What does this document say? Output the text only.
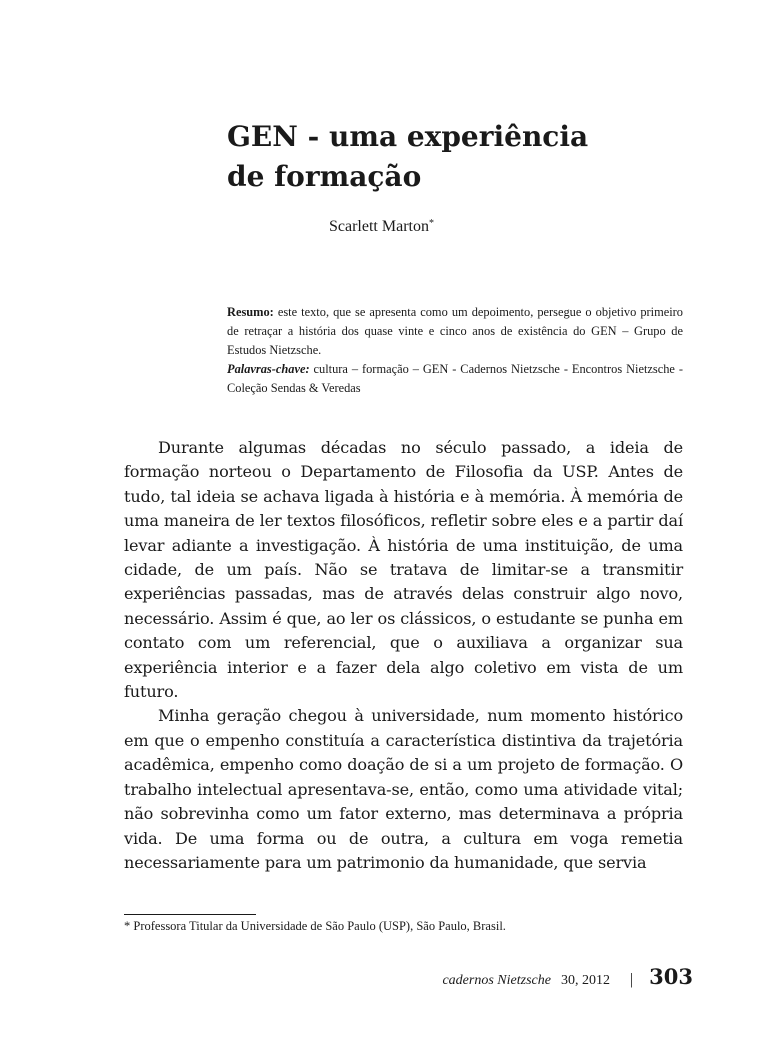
GEN - uma experiência
de formação
Scarlett Marton*

Resumo: este texto, que se apresenta como um depoimento, persegue o objetivo primeiro de retraçar a história dos quase vinte e cinco anos de existência do GEN – Grupo de Estudos Nietzsche.

Palavras-chave: cultura – formação – GEN - Cadernos Nietzsche - Encontros Nietzsche - Coleção Sendas & Veredas

Durante algumas décadas no século passado, a ideia de formação norteou o Departamento de Filosofia da USP. Antes de tudo, tal ideia se achava ligada à história e à memória. À memória de uma maneira de ler textos filosóficos, refletir sobre eles e a partir daí levar adiante a investigação. À história de uma instituição, de uma cidade, de um país. Não se tratava de limitar-se a transmitir experiências passadas, mas de através delas construir algo novo, necessário. Assim é que, ao ler os clássicos, o estudante se punha em contato com um referencial, que o auxiliava a organizar sua experiência interior e a fazer dela algo coletivo em vista de um futuro.

Minha geração chegou à universidade, num momento histórico em que o empenho constituía a característica distintiva da trajetória acadêmica, empenho como doação de si a um projeto de formação. O trabalho intelectual apresentava-se, então, como uma atividade vital; não sobrevinha como um fator externo, mas determinava a própria vida. De uma forma ou de outra, a cultura em voga remetia necessariamente para um patrimonio da humanidade, que servia

* Professora Titular da Universidade de São Paulo (USP), São Paulo, Brasil.
cadernos Nietzsche 30, 2012 | 303
